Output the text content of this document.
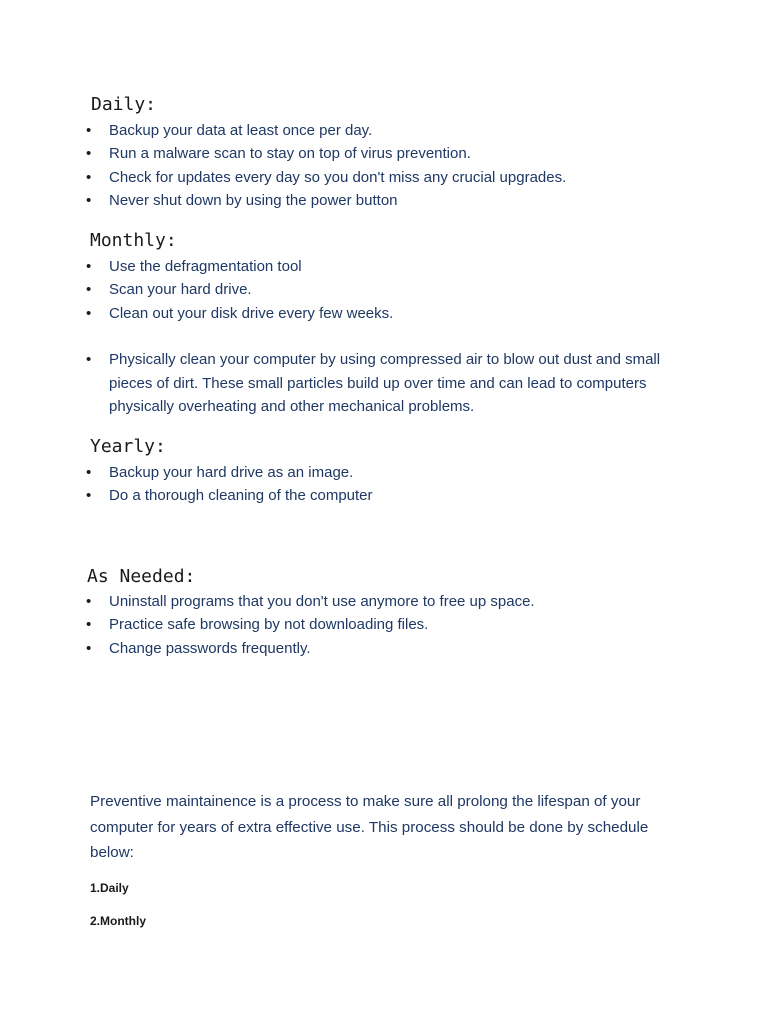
Daily:
• Backup your data at least once per day.
• Run a malware scan to stay on top of virus prevention.
• Check for updates every day so you don't miss any crucial upgrades.
• Never shut down by using the power button
Monthly:
• Use the defragmentation tool
• Scan your hard drive.
• Clean out your disk drive every few weeks.
• Physically clean your computer by using compressed air to blow out dust and small pieces of dirt. These small particles build up over time and can lead to computers physically overheating and other mechanical problems.
Yearly:
• Backup your hard drive as an image.
• Do a thorough cleaning of the computer
As Needed:
• Uninstall programs that you don't use anymore to free up space.
• Practice safe browsing by not downloading files.
• Change passwords frequently.
Preventive maintainence is a process to make sure all prolong the lifespan of your computer for years of extra effective use. This process should be done by schedule below:
1.Daily
2.Monthly
